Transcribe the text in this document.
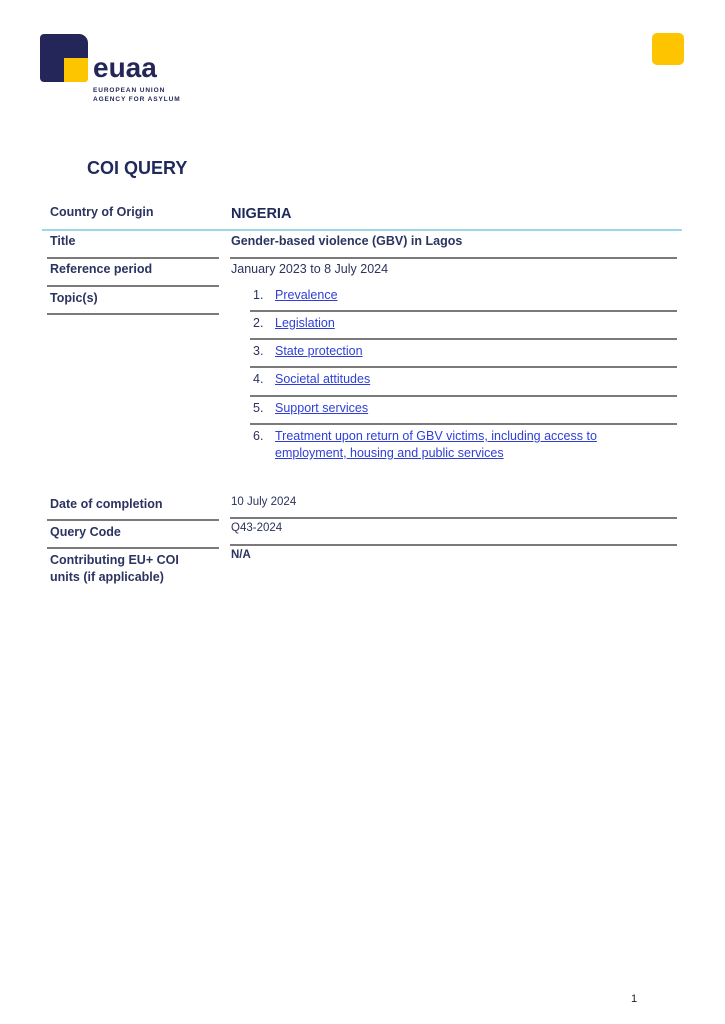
euaa
EUROPEAN UNION
AGENCY FOR ASYLUM
COI QUERY
Country of Origin	NIGERIA
Title	Gender-based violence (GBV) in Lagos
Reference period	January 2023 to 8 July 2024
Topic(s)	1. Prevalence
2. Legislation
3. State protection
4. Societal attitudes
5. Support services
6. Treatment upon return of GBV victims, including access to
employment, housing and public services
Date of completion	10 July 2024
Query Code	Q43-2024
Contributing EU+ COI
units (if applicable)
N/A
1
